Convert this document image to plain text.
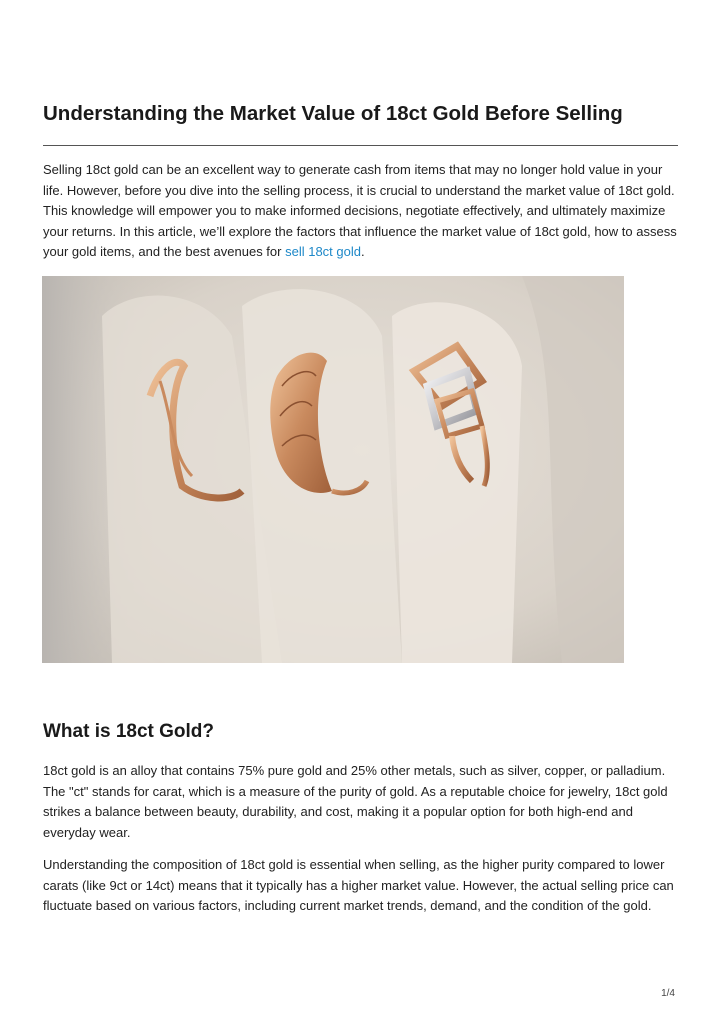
Understanding the Market Value of 18ct Gold Before Selling

Selling 18ct gold can be an excellent way to generate cash from items that may no longer hold value in your life. However, before you dive into the selling process, it is crucial to understand the market value of 18ct gold. This knowledge will empower you to make informed decisions, negotiate effectively, and ultimately maximize your returns. In this article, we’ll explore the factors that influence the market value of 18ct gold, how to assess your gold items, and the best avenues for sell 18ct gold.

What is 18ct Gold?

18ct gold is an alloy that contains 75% pure gold and 25% other metals, such as silver, copper, or palladium. The "ct" stands for carat, which is a measure of the purity of gold. As a reputable choice for jewelry, 18ct gold strikes a balance between beauty, durability, and cost, making it a popular option for both high-end and everyday wear.

Understanding the composition of 18ct gold is essential when selling, as the higher purity compared to lower carats (like 9ct or 14ct) means that it typically has a higher market value. However, the actual selling price can fluctuate based on various factors, including current market trends, demand, and the condition of the gold.

1/4
